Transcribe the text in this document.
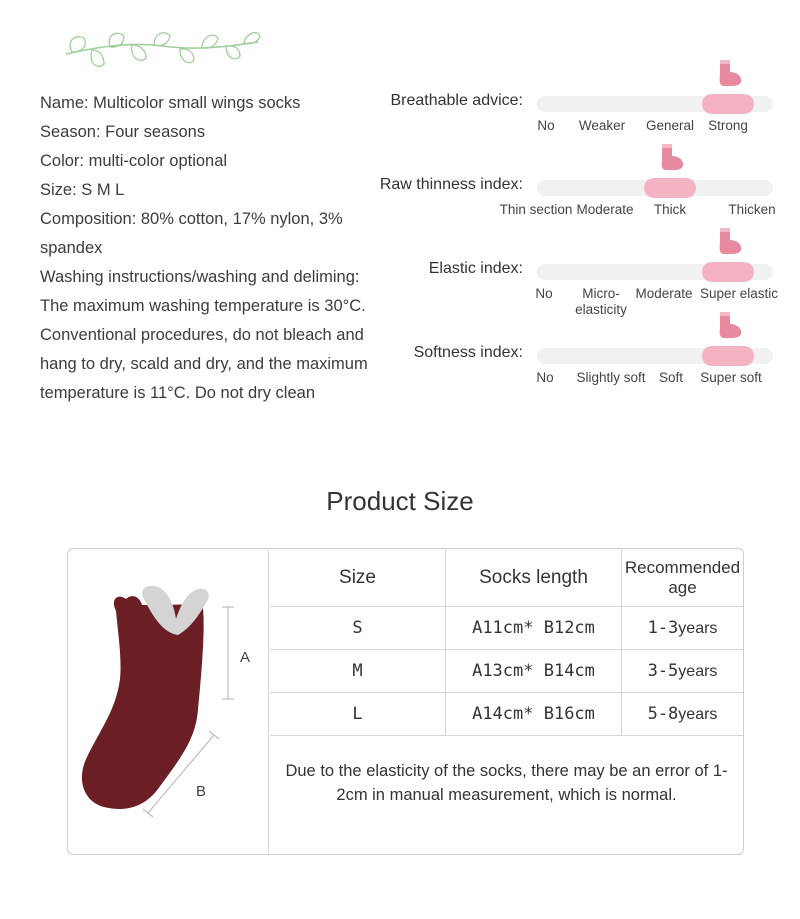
Name: Multicolor small wings socks
Season: Four seasons
Color: multi-color optional
Size: S M L
Composition: 80% cotton, 17% nylon, 3% spandex
Washing instructions/washing and deliming: The maximum washing temperature is 30°C. Conventional procedures, do not bleach and hang to dry, scald and dry, and the maximum temperature is 11°C. Do not dry clean
Breathable advice:
No Weaker General Strong
Raw thinness index:
Thin section Moderate Thick	Thicken
Elastic index:
No	Micro-
elasticity
Moderate Super elastic
Softness index:
No Slightly soft Soft Super soft
Product Size
A
B
Size	Socks length	Recommended age
S	A11cm* B12cm	1-3years
M	A13cm* B14cm	3-5years
L	A14cm* B16cm	5-8years
Due to the elasticity of the socks, there may be an error of 1-2cm in manual measurement, which is normal.
